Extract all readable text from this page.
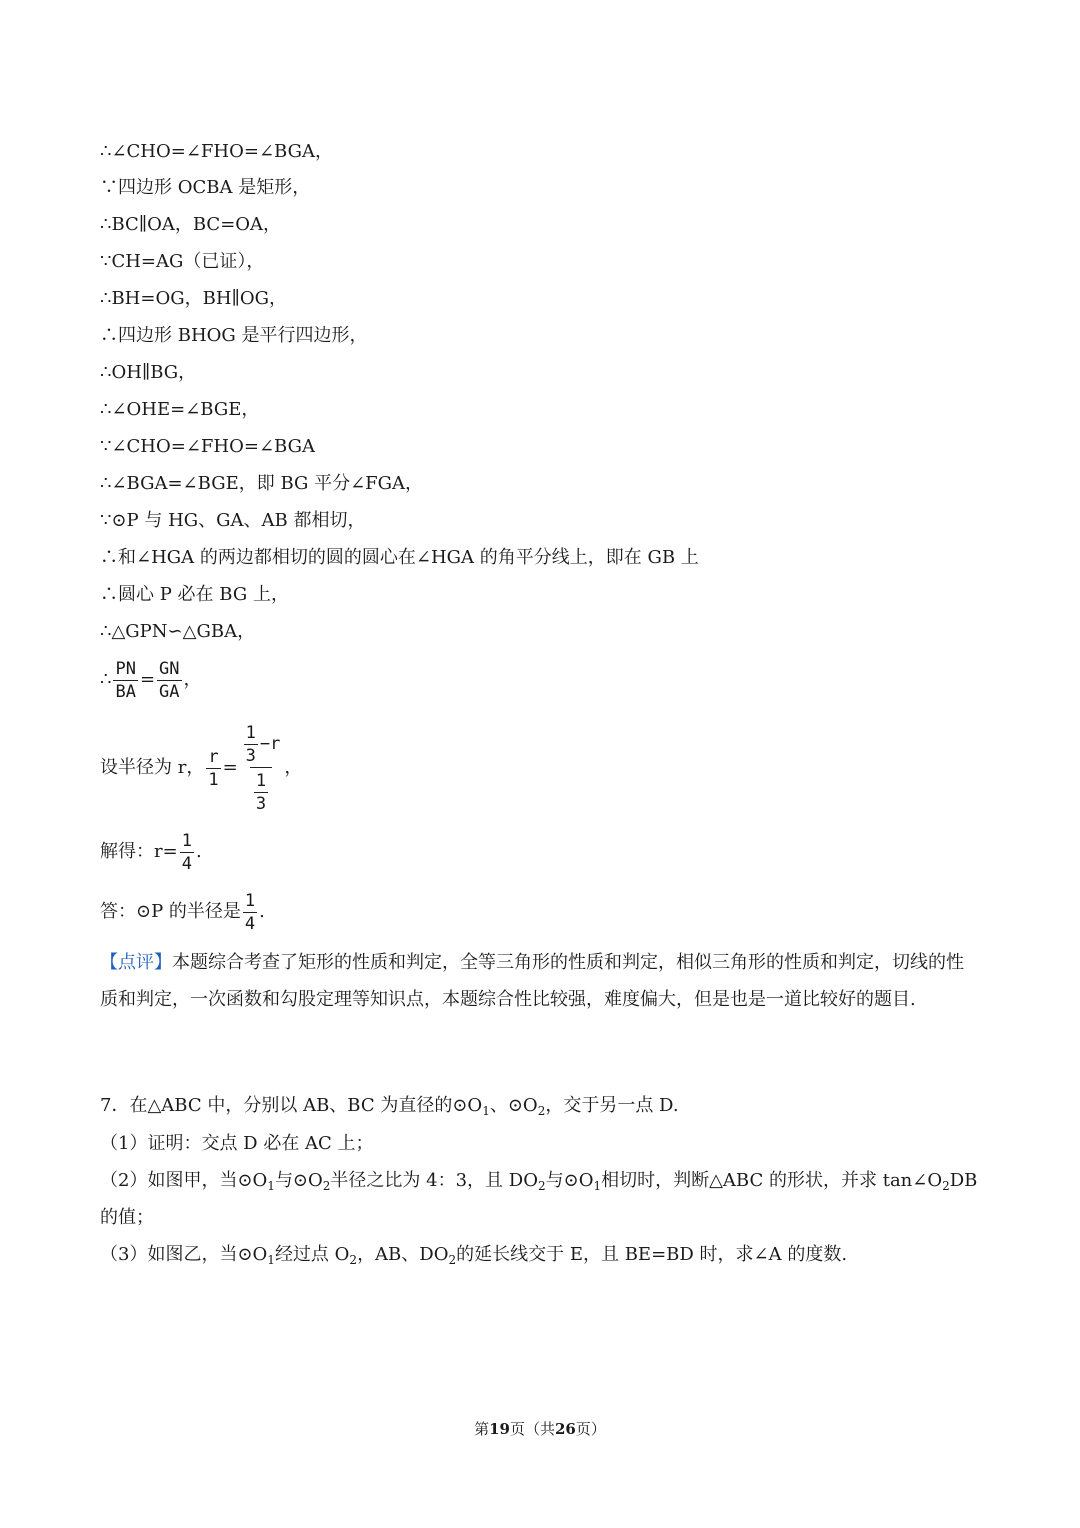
∴∠CHO=∠FHO=∠BGA，
∵四边形 OCBA 是矩形，
∴BC∥OA，BC=OA，
∵CH=AG（已证），
∴BH=OG，BH∥OG，
∴四边形 BHOG 是平行四边形，
∴OH∥BG，
∴∠OHE=∠BGE，
∵∠CHO=∠FHO=∠BGA
∴∠BGA=∠BGE，即 BG 平分∠FGA，
∵⊙P 与 HG、GA、AB 都相切，
∴和∠HGA 的两边都相切的圆的圆心在∠HGA 的角平分线上，即在 GB 上
∴圆心 P 必在 BG 上，
∴△GPN∽△GBA，
∴ $\frac{PN}{BA} = \frac{GN}{GA}$ ，
设半径为 r， $\frac{r}{1} = \frac{\frac{1}{3} -r}{\frac{1}{3}}$ ，
解得：$r= \frac{1}{4}$ .
答：⊙P 的半径是 $\frac{1}{4}$ .
【点评】本题综合考查了矩形的性质和判定，全等三角形的性质和判定，相似三角形的性质和判定，切线的性质和判定，一次函数和勾股定理等知识点，本题综合性比较强，难度偏大，但是也是一道比较好的题目.
7．在△ABC 中，分别以 AB、BC 为直径的$⊙O_1$、$⊙O_2$，交于另一点 D.
（1）证明：交点 D 必在 AC 上；
（2）如图甲，当$⊙O_1$与$⊙O_2$半径之比为 4：3，且 $DO_2$与$⊙O_1$相切时，判断△ABC 的形状，并求 $\tan\angle O_2DB$
的值；
（3）如图乙，当$⊙O_1$经过点 $O_2$，AB、$DO_2$的延长线交于 E，且 BE=BD 时，求∠A 的度数.
第19页（共26页）
